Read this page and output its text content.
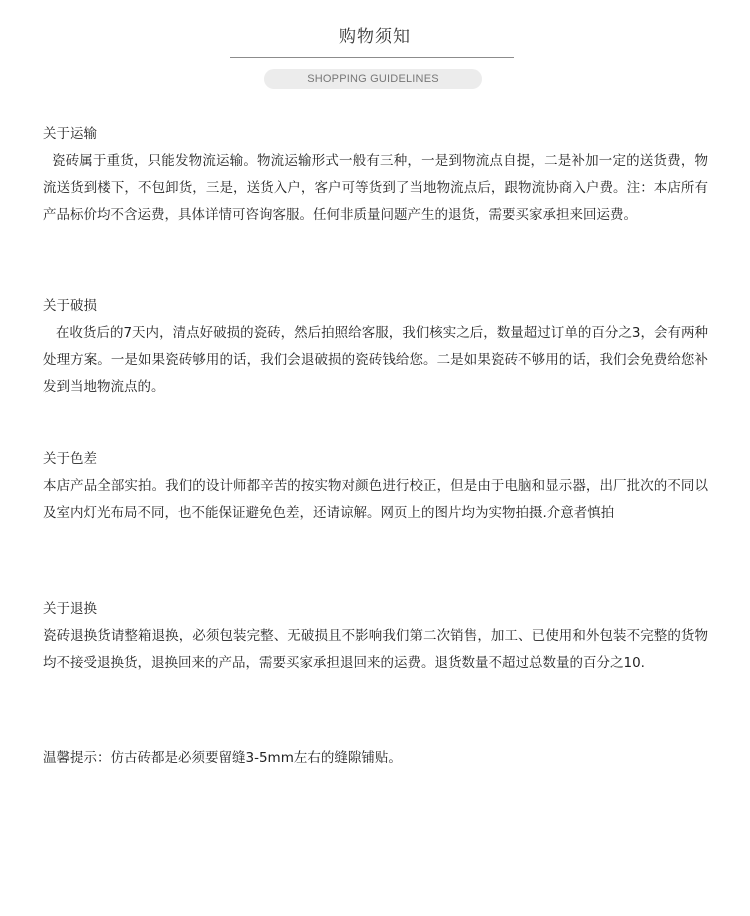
购物须知
SHOPPING GUIDELINES
关于运输
瓷砖属于重货，只能发物流运输。物流运输形式一般有三种，一是到物流点自提，二是补加一定的送货费，物流送货到楼下，不包卸货，三是，送货入户，客户可等货到了当地物流点后，跟物流协商入户费。注：本店所有产品标价均不含运费，具体详情可咨询客服。任何非质量问题产生的退货，需要买家承担来回运费。
关于破损
在收货后的7天内，清点好破损的瓷砖，然后拍照给客服，我们核实之后，数量超过订单的百分之3，会有两种处理方案。一是如果瓷砖够用的话，我们会退破损的瓷砖钱给您。二是如果瓷砖不够用的话，我们会免费给您补发到当地物流点的。
关于色差
本店产品全部实拍。我们的设计师都辛苦的按实物对颜色进行校正，但是由于电脑和显示器，出厂批次的不同以及室内灯光布局不同，也不能保证避免色差，还请谅解。网页上的图片均为实物拍摄.介意者慎拍
关于退换
瓷砖退换货请整箱退换，必须包装完整、无破损且不影响我们第二次销售，加工、已使用和外包装不完整的货物均不接受退换货，退换回来的产品，需要买家承担退回来的运费。退货数量不超过总数量的百分之10.
温馨提示：仿古砖都是必须要留缝3-5mm左右的缝隙铺贴。
